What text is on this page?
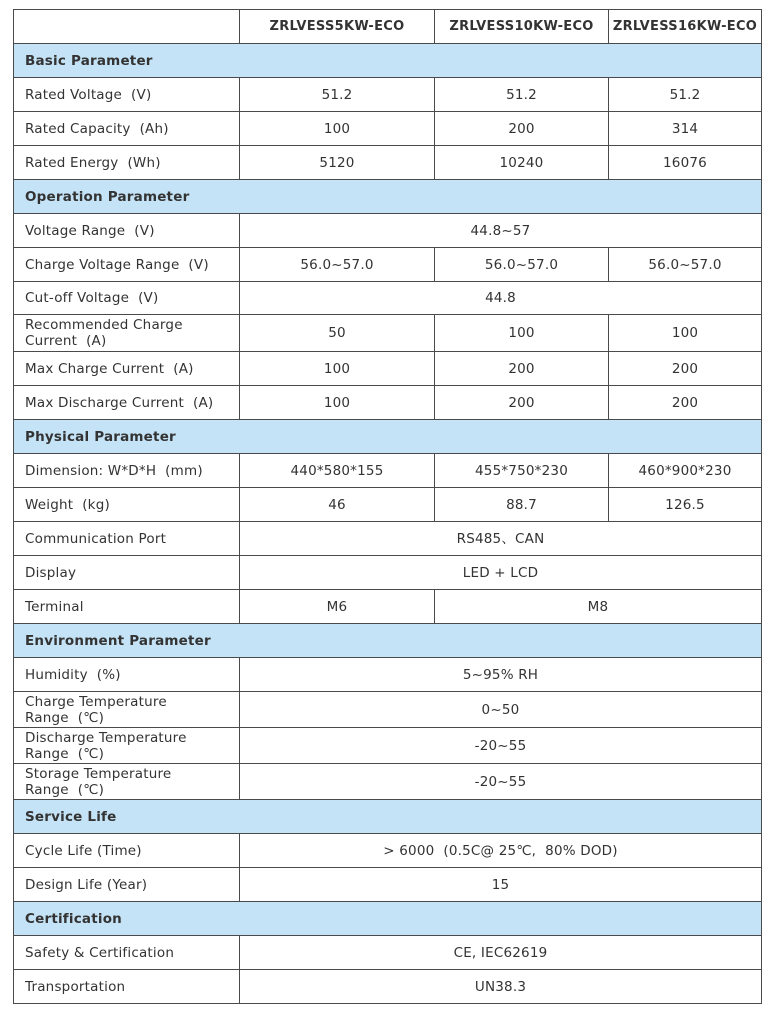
	ZRLVESS5KW-ECO	ZRLVESS10KW-ECO	ZRLVESS16KW-ECO
Basic Parameter			
Rated Voltage  (V)	51.2	51.2	51.2
Rated Capacity  (Ah)	100	200	314
Rated Energy  (Wh)	5120	10240	16076
Operation Parameter			
Voltage Range  (V)	44.8~57		
Charge Voltage Range  (V)	56.0~57.0	56.0~57.0	56.0~57.0
Cut-off Voltage  (V)	44.8		
Recommended Charge Current  (A)	50	100	100
Max Charge Current  (A)	100	200	200
Max Discharge Current  (A)	100	200	200
Physical Parameter			
Dimension: W*D*H  (mm)	440*580*155	455*750*230	460*900*230
Weight  (kg)	46	88.7	126.5
Communication Port	RS485、CAN		
Display	LED + LCD		
Terminal	M6	M8	
Environment Parameter			
Humidity  (%)	5~95% RH		
Charge Temperature Range  (℃)	0~50		
Discharge Temperature Range  (℃)	-20~55		
Storage Temperature Range  (℃)	-20~55		
Service Life			
Cycle Life (Time)	> 6000  (0.5C@ 25℃,  80% DOD)		
Design Life (Year)	15		
Certification			
Safety & Certification	CE, IEC62619		
Transportation	UN38.3		
